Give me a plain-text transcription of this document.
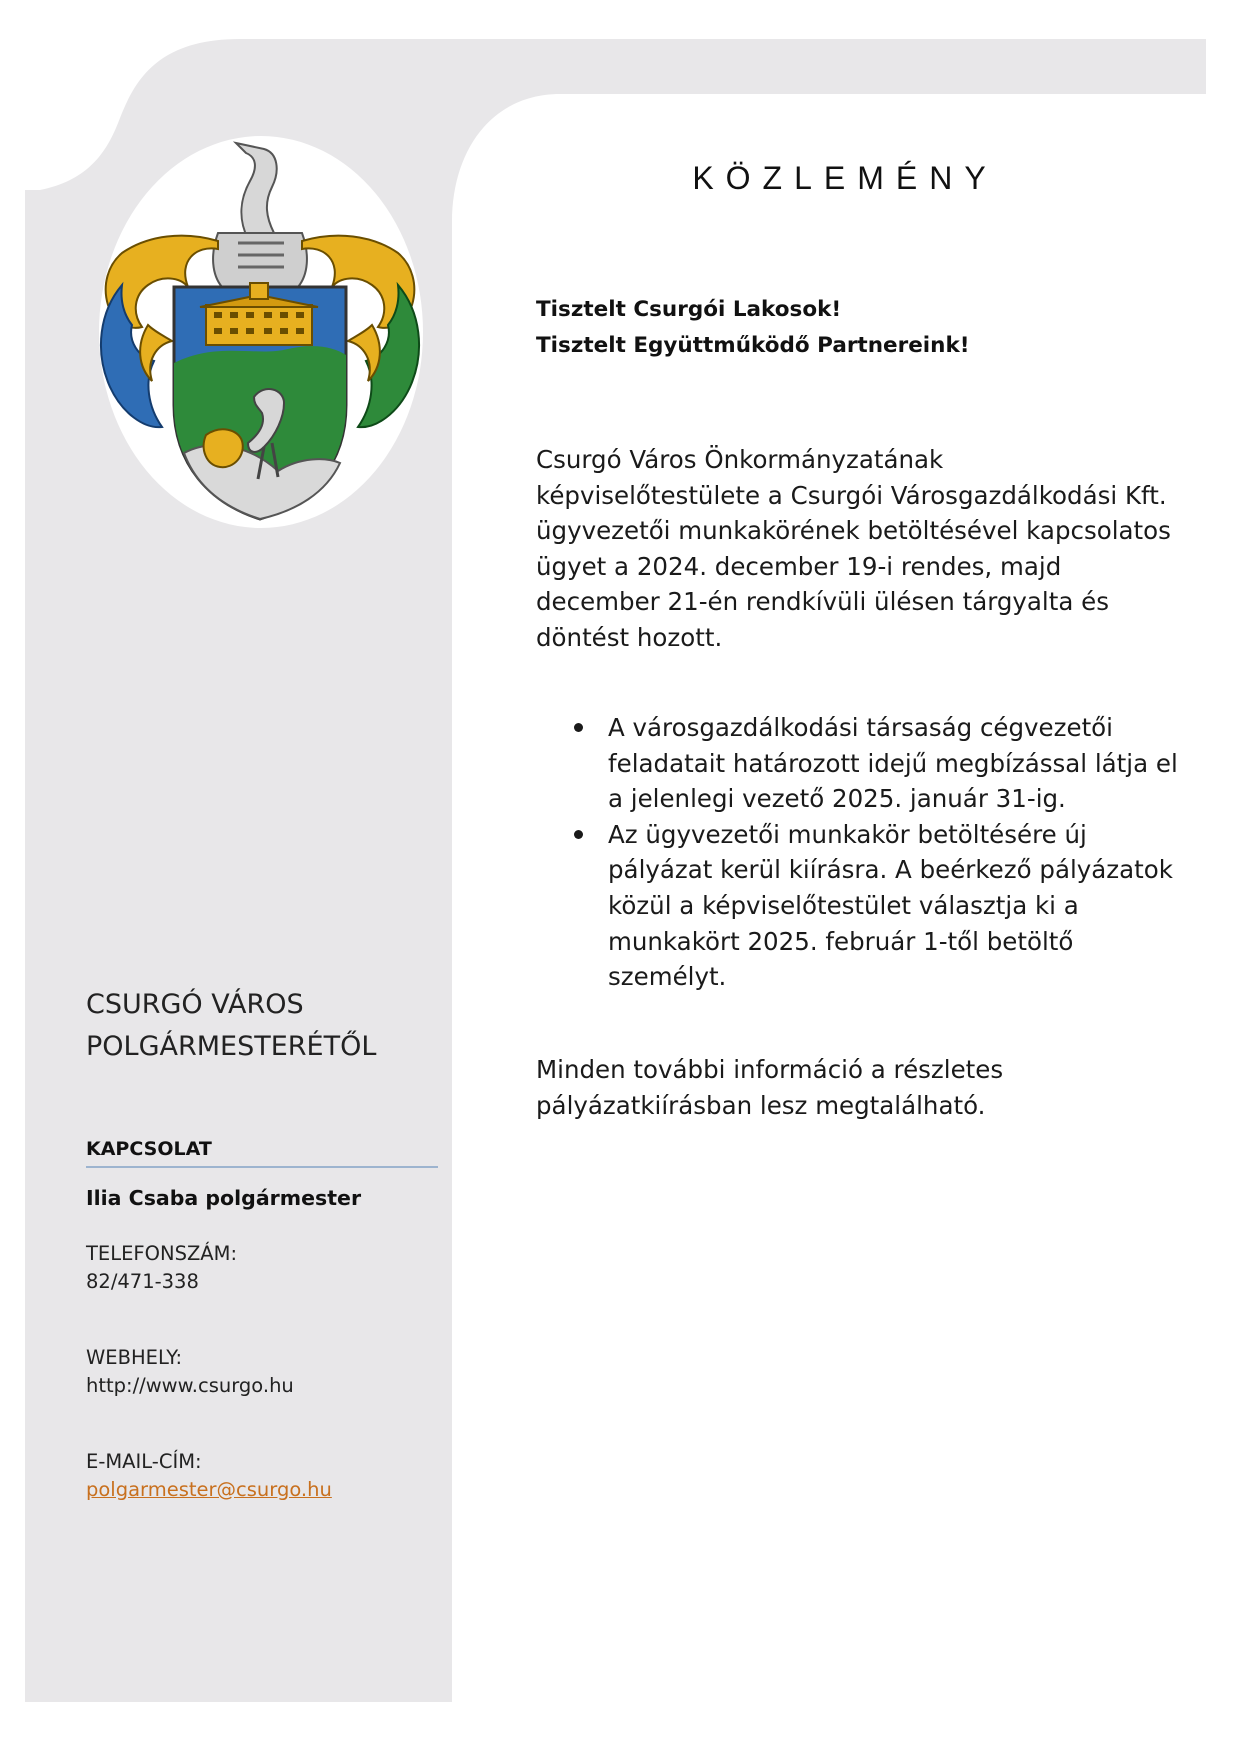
KÖZLEMÉNY
Tisztelt Csurgói Lakosok!
Tisztelt Együttműködő Partnereink!
Csurgó Város Önkormányzatának képviselőtestülete a Csurgói Városgazdálkodási Kft. ügyvezetői munkakörének betöltésével kapcsolatos ügyet a 2024. december 19-i rendes, majd december 21-én rendkívüli ülésen tárgyalta és döntést hozott.
A városgazdálkodási társaság cégvezetői feladatait határozott idejű megbízással látja el a jelenlegi vezető 2025. január 31-ig.
Az ügyvezetői munkakör betöltésére új pályázat kerül kiírásra. A beérkező pályázatok közül a képviselőtestület választja ki a munkakört 2025. február 1-től betöltő személyt.
Minden további információ a részletes pályázatkiírásban lesz megtalálható.
CSURGÓ VÁROS
POLGÁRMESTERÉTŐL
KAPCSOLAT
Ilia Csaba polgármester
TELEFONSZÁM:
82/471-338
WEBHELY:
http://www.csurgo.hu
E-MAIL-CÍM:
polgarmester@csurgo.hu
